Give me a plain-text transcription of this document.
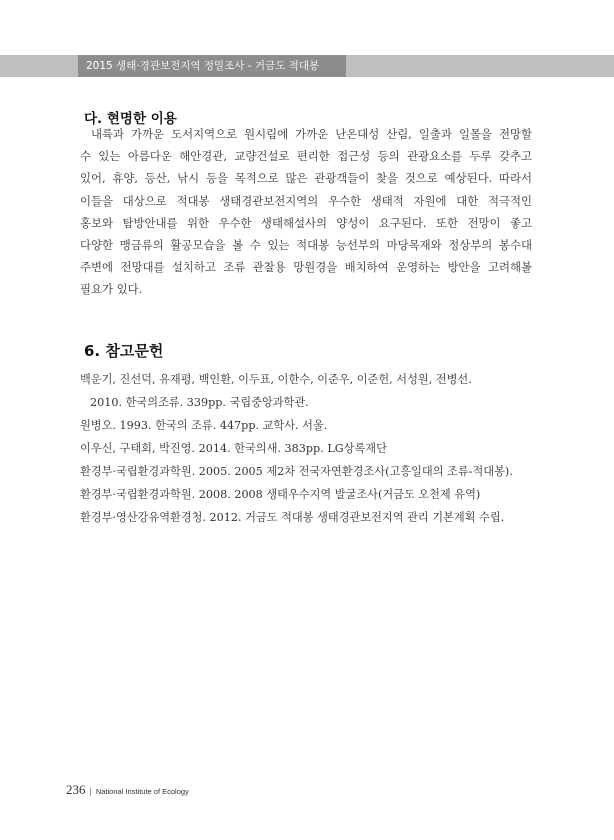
2015 생태·경관보전지역 정밀조사 - 거금도 적대봉
다. 현명한 이용
내륙과 가까운 도서지역으로 원시림에 가까운 난온대성 산림, 일출과 일몰을 전망할
수 있는 아름다운 해안경관, 교량건설로 편리한 접근성 등의 관광요소를 두루 갖추고
있어, 휴양, 등산, 낚시 등을 목적으로 많은 관광객들이 찾을 것으로 예상된다. 따라서
이들을 대상으로 적대봉 생태경관보전지역의 우수한 생태적 자원에 대한 적극적인
홍보와 탐방안내를 위한 우수한 생태해설사의 양성이 요구된다. 또한 전망이 좋고
다양한 맹금류의 활공모습을 볼 수 있는 적대봉 능선부의 마당목재와 정상부의 봉수대
주변에 전망대를 설치하고 조류 관찰용 망원경을 배치하여 운영하는 방안을 고려해볼
필요가 있다.
6. 참고문헌
백운기, 진선덕, 유재평, 백인환, 이두표, 이한수, 이준우, 이준헌, 서성원, 전병선.
2010. 한국의조류. 339pp. 국립중앙과학관.
원병오. 1993. 한국의 조류. 447pp. 교학사. 서울.
이우신, 구태회, 박진영. 2014. 한국의새. 383pp. LG상록재단
환경부·국립환경과학원. 2005. 2005 제2차 전국자연환경조사(고흥일대의 조류-적대봉).
환경부·국립환경과학원. 2008. 2008 생태우수지역 발굴조사(거금도 오천제 유역)
환경부·영산강유역환경청. 2012. 거금도 적대봉 생태경관보전지역 관리 기본계획 수립.
236 | National Institute of Ecology
